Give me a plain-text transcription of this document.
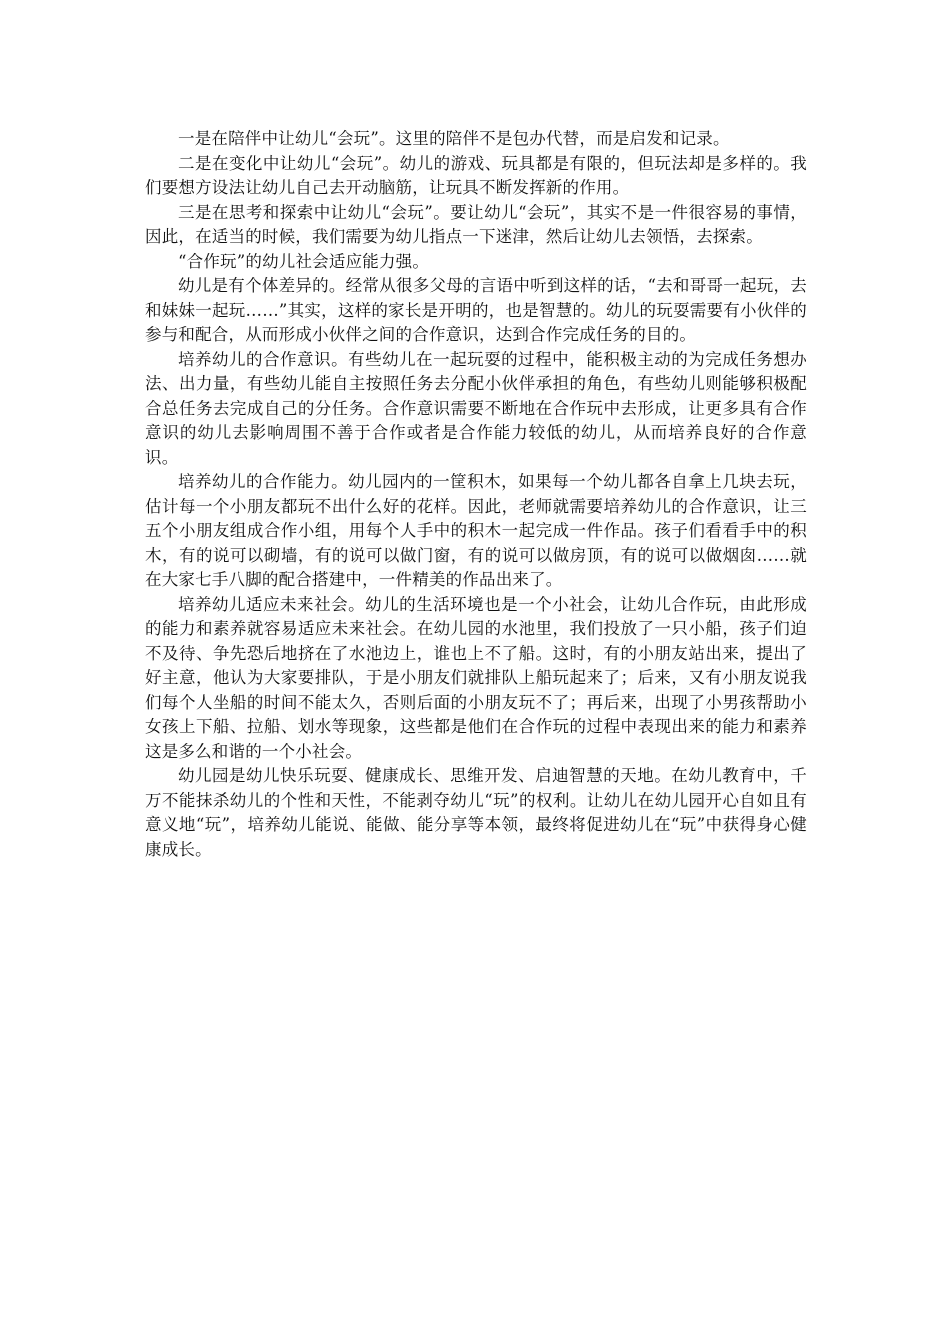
一是在陪伴中让幼儿“会玩”。这里的陪伴不是包办代替，而是启发和记录。

二是在变化中让幼儿“会玩”。幼儿的游戏、玩具都是有限的，但玩法却是多样的。我们要想方设法让幼儿自己去开动脑筋，让玩具不断发挥新的作用。

三是在思考和探索中让幼儿“会玩”。要让幼儿“会玩”，其实不是一件很容易的事情，因此，在适当的时候，我们需要为幼儿指点一下迷津，然后让幼儿去领悟，去探索。

“合作玩”的幼儿社会适应能力强。

幼儿是有个体差异的。经常从很多父母的言语中听到这样的话，“去和哥哥一起玩，去和妹妹一起玩……”其实，这样的家长是开明的，也是智慧的。幼儿的玩耍需要有小伙伴的参与和配合，从而形成小伙伴之间的合作意识，达到合作完成任务的目的。

培养幼儿的合作意识。有些幼儿在一起玩耍的过程中，能积极主动的为完成任务想办法、出力量，有些幼儿能自主按照任务去分配小伙伴承担的角色，有些幼儿则能够积极配合总任务去完成自己的分任务。合作意识需要不断地在合作玩中去形成，让更多具有合作意识的幼儿去影响周围不善于合作或者是合作能力较低的幼儿，从而培养良好的合作意识。

培养幼儿的合作能力。幼儿园内的一筐积木，如果每一个幼儿都各自拿上几块去玩，估计每一个小朋友都玩不出什么好的花样。因此，老师就需要培养幼儿的合作意识，让三五个小朋友组成合作小组，用每个人手中的积木一起完成一件作品。孩子们看看手中的积木，有的说可以砌墙，有的说可以做门窗，有的说可以做房顶，有的说可以做烟囱……就在大家七手八脚的配合搭建中，一件精美的作品出来了。

培养幼儿适应未来社会。幼儿的生活环境也是一个小社会，让幼儿合作玩，由此形成的能力和素养就容易适应未来社会。在幼儿园的水池里，我们投放了一只小船，孩子们迫不及待、争先恐后地挤在了水池边上，谁也上不了船。这时，有的小朋友站出来，提出了好主意，他认为大家要排队，于是小朋友们就排队上船玩起来了；后来，又有小朋友说我们每个人坐船的时间不能太久，否则后面的小朋友玩不了；再后来，出现了小男孩帮助小女孩上下船、拉船、划水等现象，这些都是他们在合作玩的过程中表现出来的能力和素养这是多么和谐的一个小社会。

幼儿园是幼儿快乐玩耍、健康成长、思维开发、启迪智慧的天地。在幼儿教育中，千万不能抹杀幼儿的个性和天性，不能剥夺幼儿“玩”的权利。让幼儿在幼儿园开心自如且有意义地“玩”，培养幼儿能说、能做、能分享等本领，最终将促进幼儿在“玩”中获得身心健康成长。
